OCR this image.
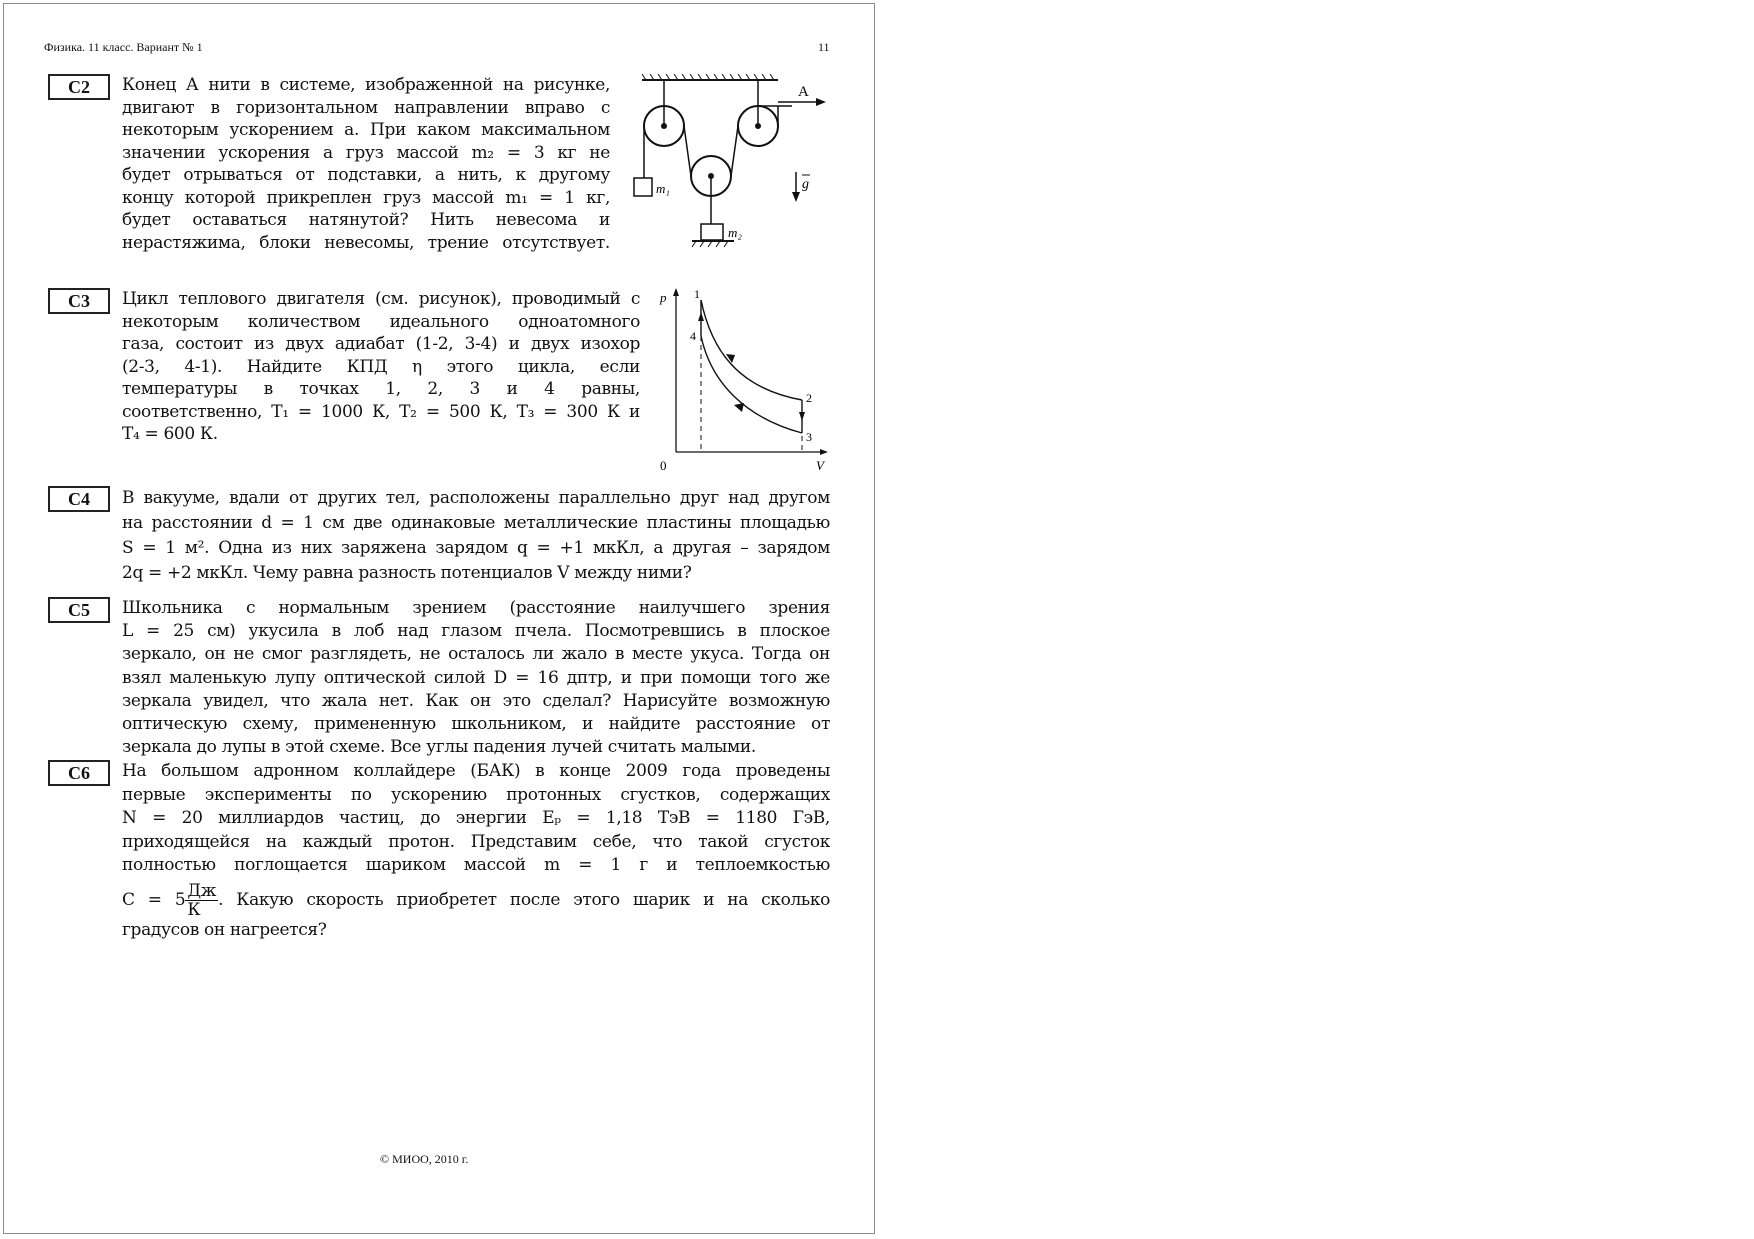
Физика. 11 класс. Вариант № 1	11
С2	Конец А нити в системе, изображенной на рисунке,
двигают в горизонтальном направлении вправо с
некоторым ускорением a. При каком максимальном
значении ускорения a груз массой m₂ = 3 кг не
будет отрываться от подставки, а нить, к другому
концу которой прикреплен груз массой m₁ = 1 кг,
будет оставаться натянутой? Нить невесома и
нерастяжима, блоки невесомы, трение отсутствует.
A
m₁
m₂
g
С3	Цикл теплового двигателя (см. рисунок), проводимый с
некоторым количеством идеального одноатомного
газа, состоит из двух адиабат (1-2, 3-4) и двух изохор
(2-3, 4-1). Найдите КПД η этого цикла, если
температуры в точках 1, 2, 3 и 4 равны,
соответственно, T₁ = 1000 К, T₂ = 500 К, T₃ = 300 К и
T₄ = 600 К.
p
V
0
1
2
3
4
С4	В вакууме, вдали от других тел, расположены параллельно друг над другом
на расстоянии d = 1 см две одинаковые металлические пластины площадью
S = 1 м². Одна из них заряжена зарядом q = +1 мкКл, а другая – зарядом
2q = +2 мкКл. Чему равна разность потенциалов V между ними?
С5	Школьника с нормальным зрением (расстояние наилучшего зрения
L = 25 см) укусила в лоб над глазом пчела. Посмотревшись в плоское
зеркало, он не смог разглядеть, не осталось ли жало в месте укуса. Тогда он
взял маленькую лупу оптической силой D = 16 дптр, и при помощи того же
зеркала увидел, что жала нет. Как он это сделал? Нарисуйте возможную
оптическую схему, примененную школьником, и найдите расстояние от
зеркала до лупы в этой схеме. Все углы падения лучей считать малыми.
С6	На большом адронном коллайдере (БАК) в конце 2009 года проведены
первые эксперименты по ускорению протонных сгустков, содержащих
N = 20 миллиардов частиц, до энергии Eₚ = 1,18 ТэВ = 1180 ГэВ,
приходящейся на каждый протон. Представим себе, что такой сгусток
полностью поглощается шариком массой m = 1 г и теплоемкостью
$C = 5 \frac{Дж}{К}$ . Какую скорость приобретет после этого шарик и на сколько
градусов он нагреется?
© МИОО, 2010 г.
